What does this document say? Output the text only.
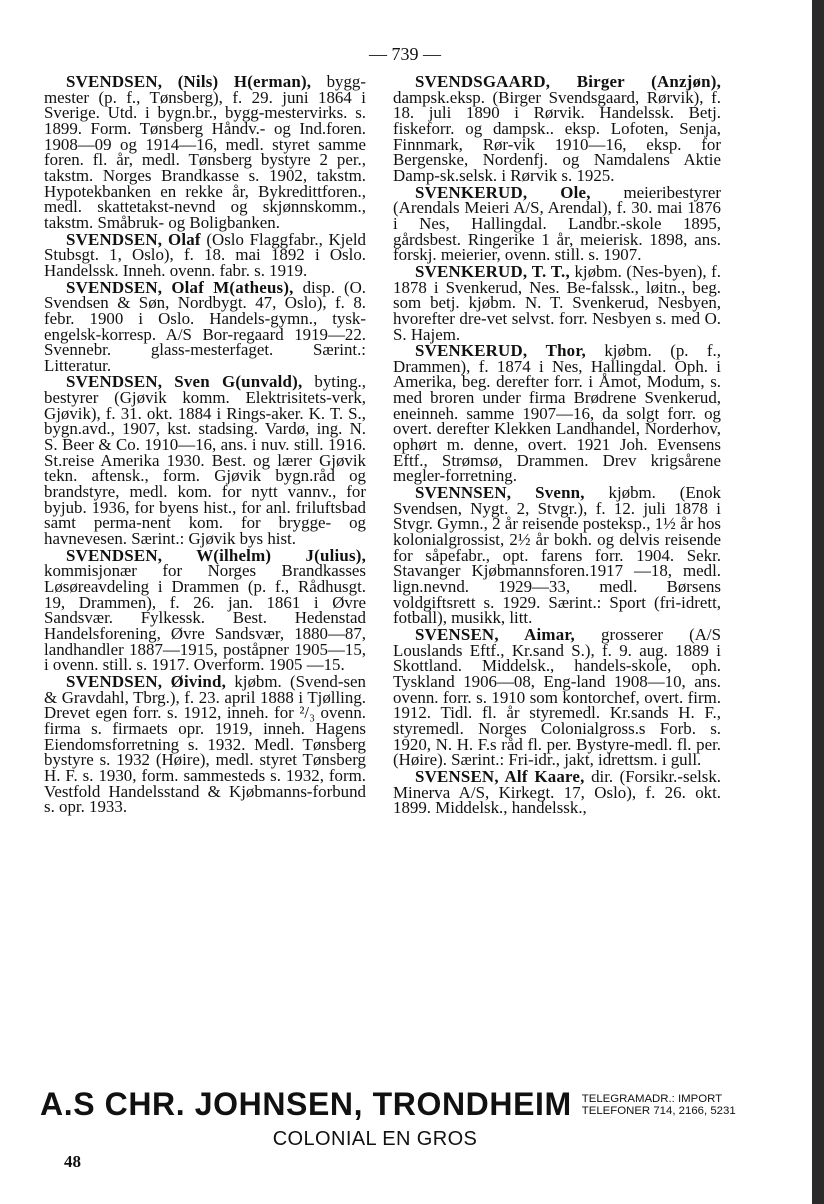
— 739 —

SVENDSEN, (Nils) H(erman), bygg-mester (p. f., Tønsberg), f. 29. juni 1864 i Sverige. Utd. i bygn.br., bygg-mestervirks. s. 1899. Form. Tønsberg Håndv.- og Ind.foren. 1908—09 og 1914—16, medl. styret samme foren. fl. år, medl. Tønsberg bystyre 2 per., takstm. Norges Brandkasse s. 1902, takstm. Hypotekbanken en rekke år, Bykredittforen., medl. skattetakst-nevnd og skjønnskomm., takstm. Småbruk- og Boligbanken.

SVENDSEN, Olaf (Oslo Flaggfabr., Kjeld Stubsgt. 1, Oslo), f. 18. mai 1892 i Oslo. Handelssk. Inneh. ovenn. fabr. s. 1919.

SVENDSEN, Olaf M(atheus), disp. (O. Svendsen & Søn, Nordbygt. 47, Oslo), f. 8. febr. 1900 i Oslo. Handels-gymn., tysk-engelsk-korresp. A/S Bor-regaard 1919—22. Svennebr. glass-mesterfaget. Særint.: Litteratur.

SVENDSEN, Sven G(unvald), byting., bestyrer (Gjøvik komm. Elektrisitets-verk, Gjøvik), f. 31. okt. 1884 i Rings-aker. K. T. S., bygn.avd., 1907, kst. stadsing. Vardø, ing. N. S. Beer & Co. 1910—16, ans. i nuv. still. 1916. St.reise Amerika 1930. Best. og lærer Gjøvik tekn. aftensk., form. Gjøvik bygn.råd og brandstyre, medl. kom. for nytt vannv., for byjub. 1936, for byens hist., for anl. friluftsbad samt perma-nent kom. for brygge- og havnevesen. Særint.: Gjøvik bys hist.

SVENDSEN, W(ilhelm) J(ulius), kommisjonær for Norges Brandkasses Løsøreavdeling i Drammen (p. f., Rådhusgt. 19, Drammen), f. 26. jan. 1861 i Øvre Sandsvær. Fylkessk. Best. Hedenstad Handelsforening, Øvre Sandsvær, 1880—87, landhandler 1887—1915, poståpner 1905—15, i ovenn. still. s. 1917. Overform. 1905 —15.

SVENDSEN, Øivind, kjøbm. (Svend-sen & Gravdahl, Tbrg.), f. 23. april 1888 i Tjølling. Drevet egen forr. s. 1912, inneh. for ²/₃ ovenn. firma s. firmaets opr. 1919, inneh. Hagens Eiendomsforretning s. 1932. Medl. Tønsberg bystyre s. 1932 (Høire), medl. styret Tønsberg H. F. s. 1930, form. sammesteds s. 1932, form. Vestfold Handelsstand & Kjøbmanns-forbund s. opr. 1933.

SVENDSGAARD, Birger (Anzjøn), dampsk.eksp. (Birger Svendsgaard, Rørvik), f. 18. juli 1890 i Rørvik. Handelssk. Betj. fiskeforr. og dampsk.. eksp. Lofoten, Senja, Finnmark, Rør-vik 1910—16, eksp. for Bergenske, Nordenfj. og Namdalens Aktie Damp-sk.selsk. i Rørvik s. 1925.

SVENKERUD, Ole, meieribestyrer (Arendals Meieri A/S, Arendal), f. 30. mai 1876 i Nes, Hallingdal. Landbr.-skole 1895, gårdsbest. Ringerike 1 år, meierisk. 1898, ans. forskj. meierier, ovenn. still. s. 1907.

SVENKERUD, T. T., kjøbm. (Nes-byen), f. 1878 i Svenkerud, Nes. Be-falssk., løitn., beg. som betj. kjøbm. N. T. Svenkerud, Nesbyen, hvorefter dre-vet selvst. forr. Nesbyen s. med O. S. Hajem.

SVENKERUD, Thor, kjøbm. (p. f., Drammen), f. 1874 i Nes, Hallingdal. Oph. i Amerika, beg. derefter forr. i Åmot, Modum, s. med broren under firma Brødrene Svenkerud, eneinneh. samme 1907—16, da solgt forr. og overt. derefter Klekken Landhandel, Norderhov, ophørt m. denne, overt. 1921 Joh. Evensens Eftf., Strømsø, Drammen. Drev krigsårene megler-forretning.

SVENNSEN, Svenn, kjøbm. (Enok Svendsen, Nygt. 2, Stvgr.), f. 12. juli 1878 i Stvgr. Gymn., 2 år reisende posteksp., 1½ år hos kolonialgrossist, 2½ år bokh. og delvis reisende for såpefabr., opt. farens forr. 1904. Sekr. Stavanger Kjøbmannsforen.1917 —18, medl. lign.nevnd. 1929—33, medl. Børsens voldgiftsrett s. 1929. Særint.: Sport (fri-idrett, fotball), musikk, litt.

SVENSEN, Aimar, grosserer (A/S Louslands Eftf., Kr.sand S.), f. 9. aug. 1889 i Skottland. Middelsk., handels-skole, oph. Tyskland 1906—08, Eng-land 1908—10, ans. ovenn. forr. s. 1910 som kontorchef, overt. firm. 1912. Tidl. fl. år styremedl. Kr.sands H. F., styremedl. Norges Colonialgross.s Forb. s. 1920, N. H. F.s råd fl. per. Bystyre-medl. fl. per. (Høire). Særint.: Fri-idr., jakt, idrettsm. i gull.

SVENSEN, Alf Kaare, dir. (Forsikr.-selsk. Minerva A/S, Kirkegt. 17, Oslo), f. 26. okt. 1899. Middelsk., handelssk.,

A.S CHR. JOHNSEN, TRONDHEIM TELEGRAMADR.: IMPORT
TELEFONER 714, 2166, 5231
COLONIAL EN GROS
48
